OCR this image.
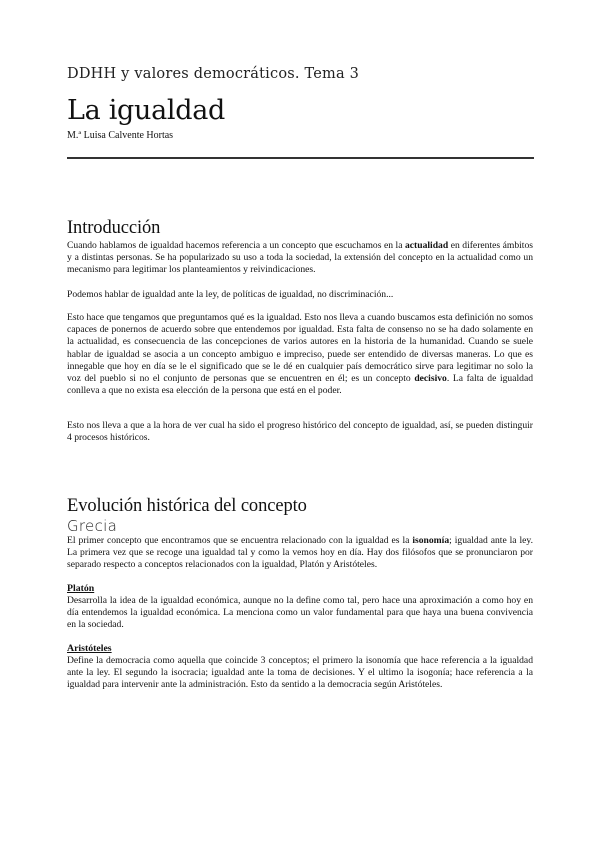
DDHH y valores democráticos. Tema 3
La igualdad
M.ª Luisa Calvente Hortas
Introducción
Cuando hablamos de igualdad hacemos referencia a un concepto que escuchamos en la actualidad en diferentes ámbitos y a distintas personas. Se ha popularizado su uso a toda la sociedad, la extensión del concepto en la actualidad como un mecanismo para legitimar los planteamientos y reivindicaciones.
Podemos hablar de igualdad ante la ley, de políticas de igualdad, no discriminación...
Esto hace que tengamos que preguntamos qué es la igualdad. Esto nos lleva a cuando buscamos esta definición no somos capaces de ponernos de acuerdo sobre que entendemos por igualdad. Esta falta de consenso no se ha dado solamente en la actualidad, es consecuencia de las concepciones de varios autores en la historia de la humanidad. Cuando se suele hablar de igualdad se asocia a un concepto ambiguo e impreciso, puede ser entendido de diversas maneras. Lo que es innegable que hoy en día se le el significado que se le dé en cualquier país democrático sirve para legitimar no solo la voz del pueblo si no el conjunto de personas que se encuentren en él; es un concepto decisivo. La falta de igualdad conlleva a que no exista esa elección de la persona que está en el poder.
Esto nos lleva a que a la hora de ver cual ha sido el progreso histórico del concepto de igualdad, así, se pueden distinguir 4 procesos históricos.
Evolución histórica del concepto
Grecia
El primer concepto que encontramos que se encuentra relacionado con la igualdad es la isonomía; igualdad ante la ley. La primera vez que se recoge una igualdad tal y como la vemos hoy en día. Hay dos filósofos que se pronunciaron por separado respecto a conceptos relacionados con la igualdad, Platón y Aristóteles.
Platón
Desarrolla la idea de la igualdad económica, aunque no la define como tal, pero hace una aproximación a como hoy en día entendemos la igualdad económica. La menciona como un valor fundamental para que haya una buena convivencia en la sociedad.
Aristóteles
Define la democracia como aquella que coincide 3 conceptos; el primero la isonomía que hace referencia a la igualdad ante la ley. El segundo la isocracia; igualdad ante la toma de decisiones. Y el ultimo la isogonía; hace referencia a la igualdad para intervenir ante la administración. Esto da sentido a la democracia según Aristóteles.
